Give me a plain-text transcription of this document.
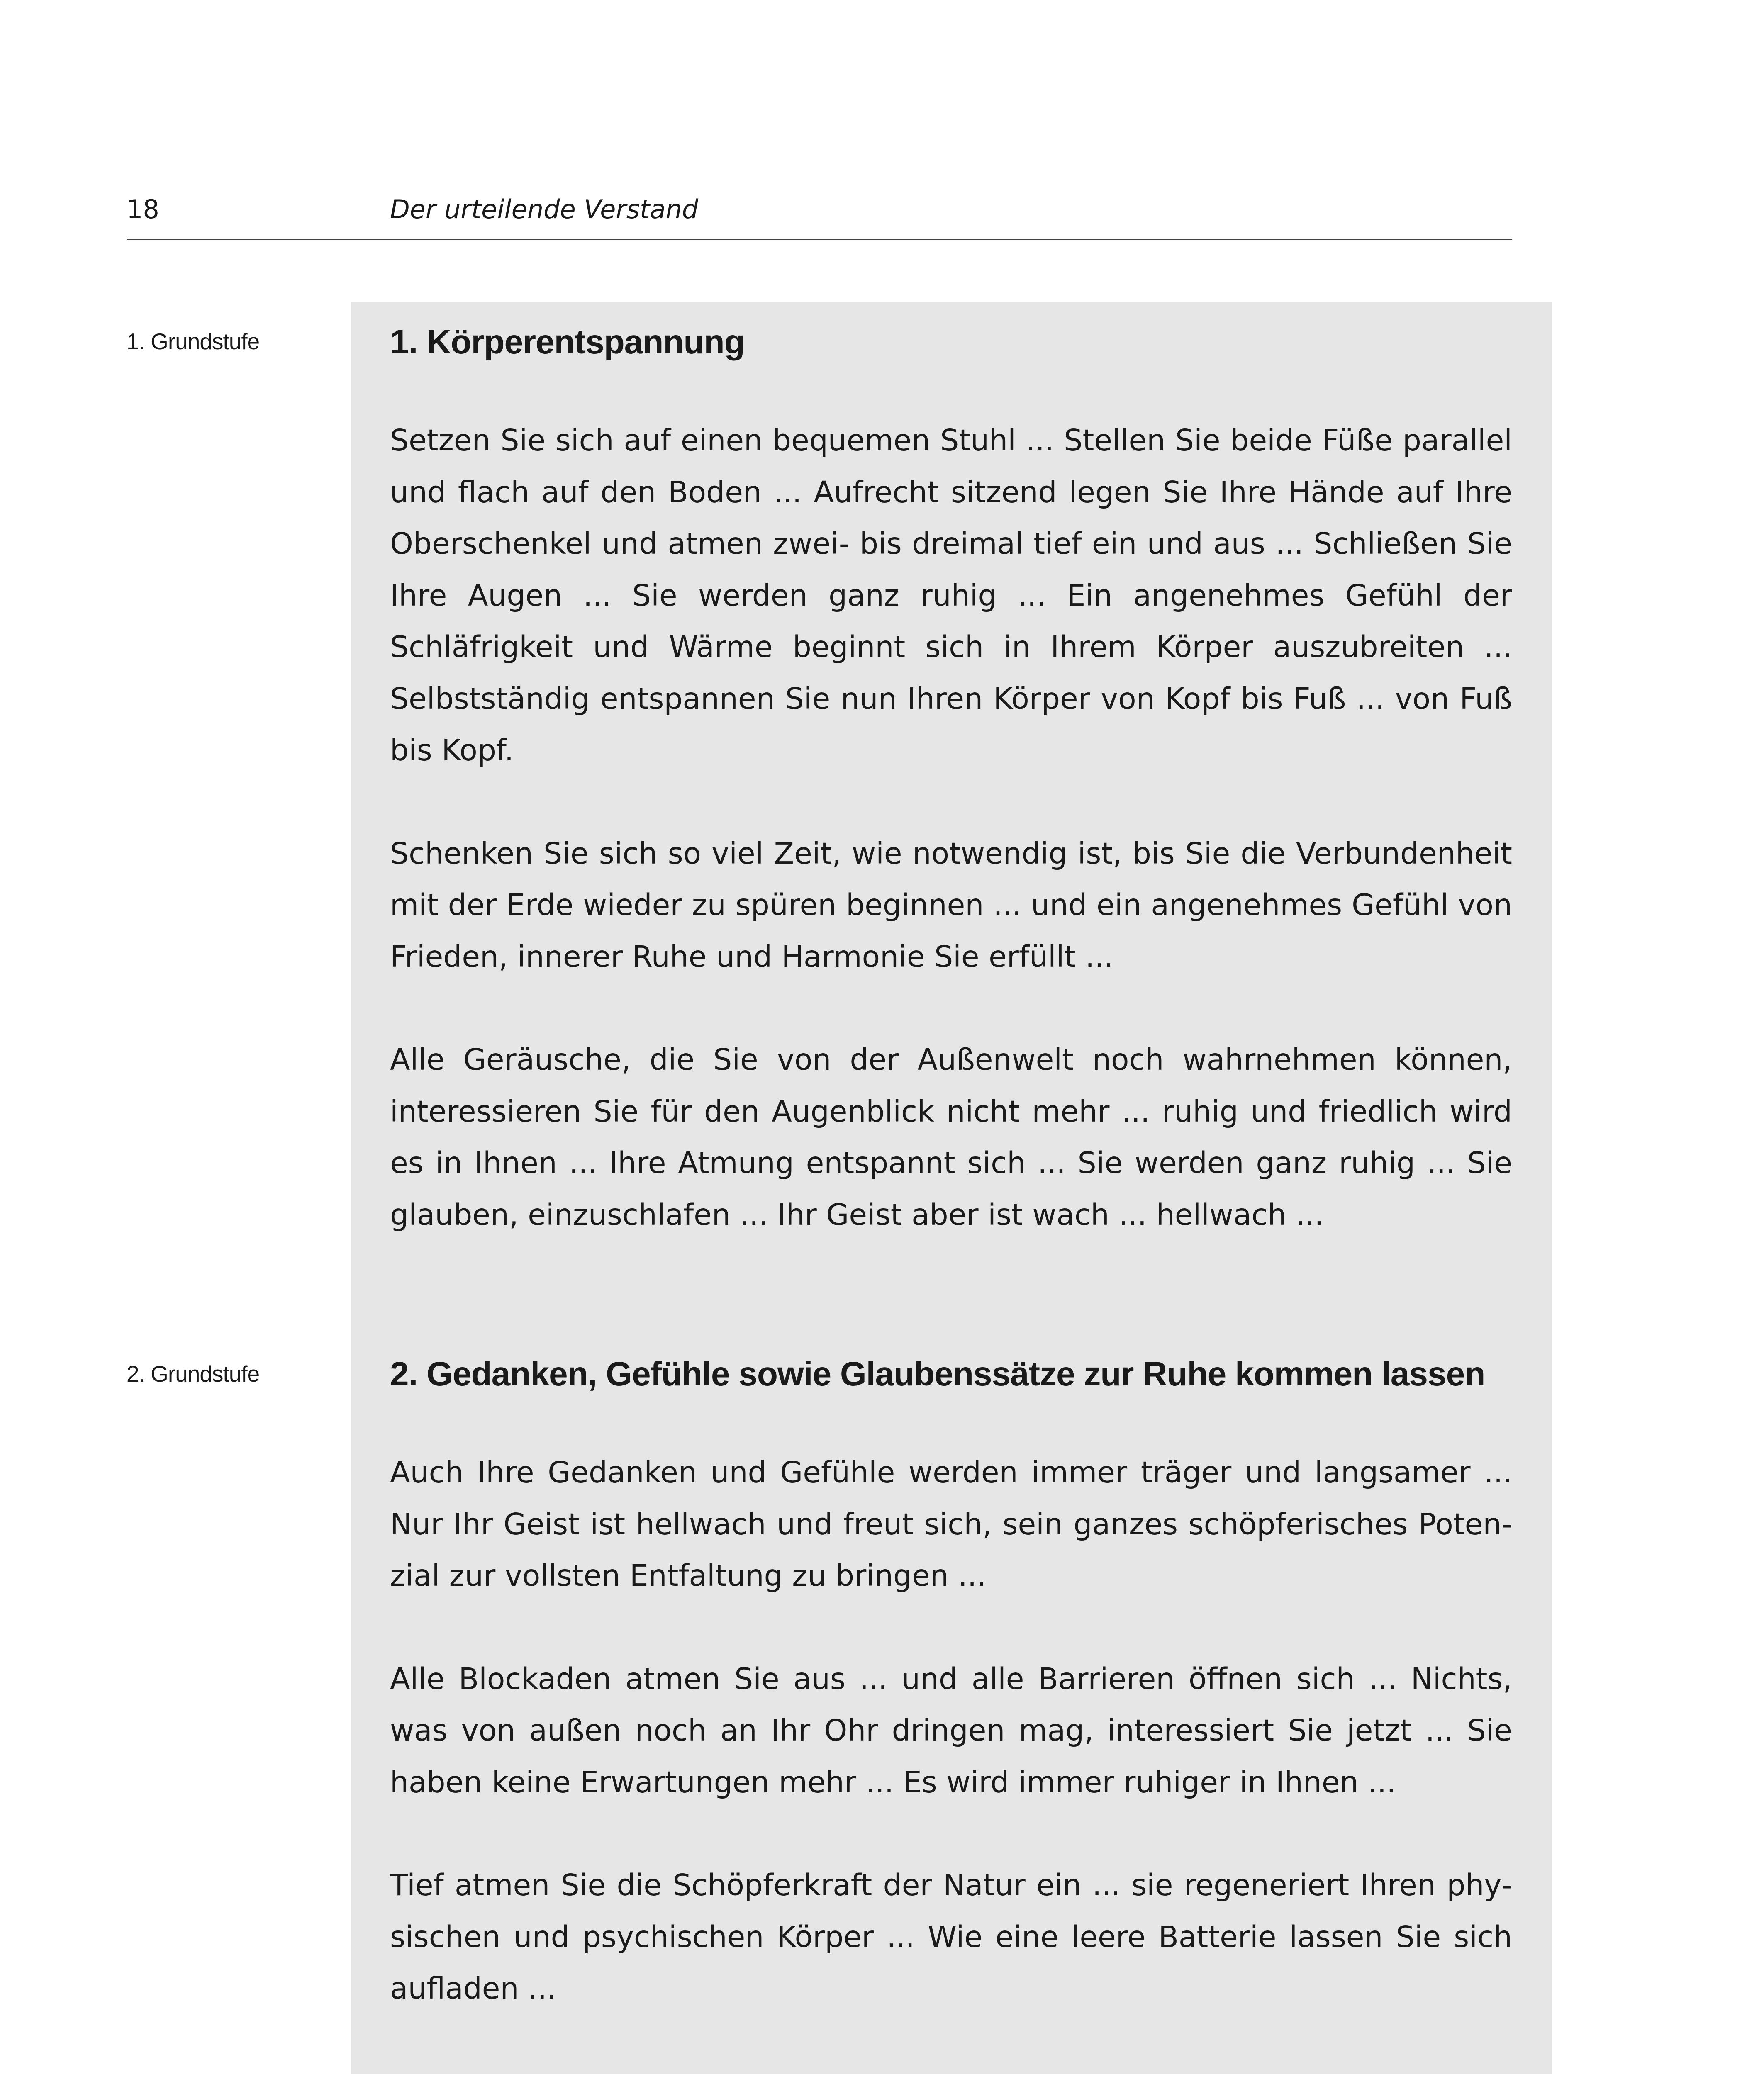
18	Der urteilende Verstand
1. Grundstufe	1. Körperentspannung

Setzen Sie sich auf einen bequemen Stuhl ... Stellen Sie beide Füße parallel und flach auf den Boden ... Aufrecht sitzend legen Sie Ihre Hände auf Ihre Oberschenkel und atmen zwei- bis dreimal tief ein und aus ... Schließen Sie Ihre Augen ... Sie werden ganz ruhig ... Ein angenehmes Gefühl der Schläfrigkeit und Wärme beginnt sich in Ihrem Körper auszubreiten ... Selbstständig entspannen Sie nun Ihren Körper von Kopf bis Fuß ... von Fuß bis Kopf.

Schenken Sie sich so viel Zeit, wie notwendig ist, bis Sie die Verbundenheit mit der Erde wieder zu spüren beginnen ... und ein angenehmes Gefühl von Frieden, innerer Ruhe und Harmonie Sie erfüllt ...

Alle Geräusche, die Sie von der Außenwelt noch wahrnehmen können, interessieren Sie für den Augenblick nicht mehr ... ruhig und friedlich wird es in Ihnen ... Ihre Atmung entspannt sich ... Sie werden ganz ruhig ... Sie glauben, einzuschlafen ... Ihr Geist aber ist wach ... hellwach ...

2. Grundstufe	2. Gedanken, Gefühle sowie Glaubenssätze zur Ruhe kommen lassen

Auch Ihre Gedanken und Gefühle werden immer träger und langsamer ... Nur Ihr Geist ist hellwach und freut sich, sein ganzes schöpferisches Potenzial zur vollsten Entfaltung zu bringen ...

Alle Blockaden atmen Sie aus ... und alle Barrieren öffnen sich ... Nichts, was von außen noch an Ihr Ohr dringen mag, interessiert Sie jetzt ... Sie haben keine Erwartungen mehr ... Es wird immer ruhiger in Ihnen ...

Tief atmen Sie die Schöpferkraft der Natur ein ... sie regeneriert Ihren physischen und psychischen Körper ... Wie eine leere Batterie lassen Sie sich aufladen ...
